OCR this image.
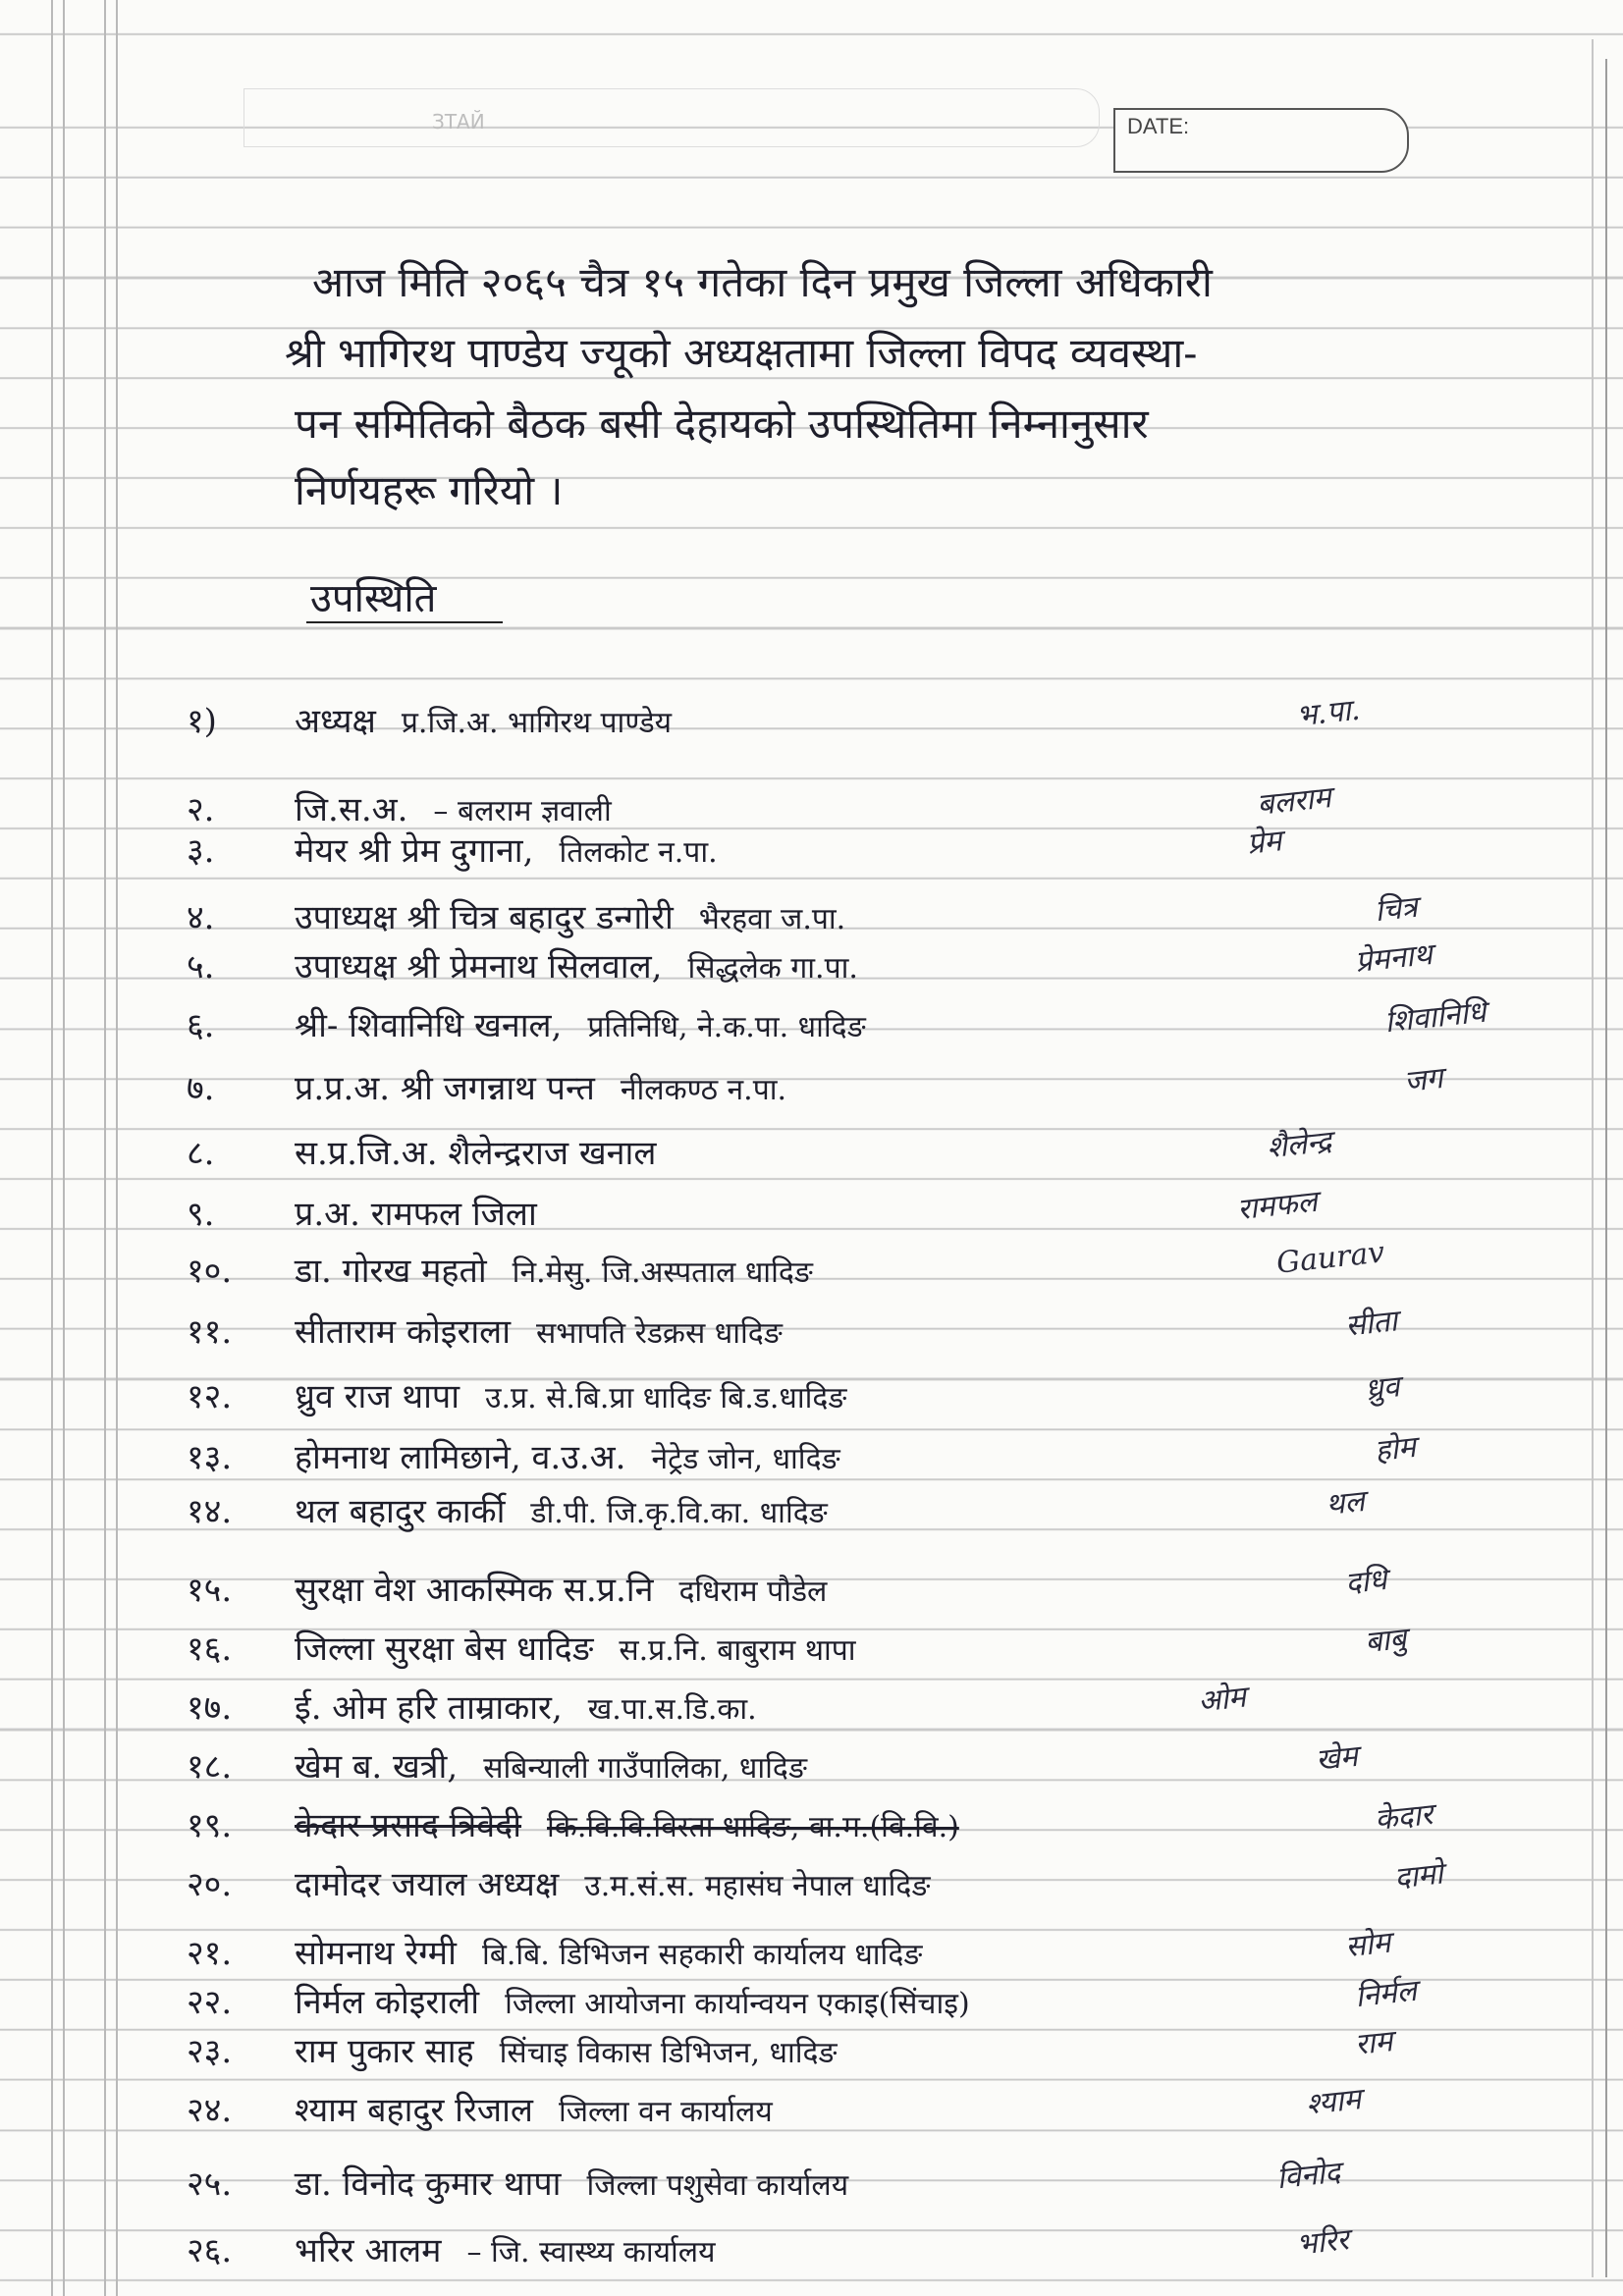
ЗТАЙ	DATE:
आज मिति २०६५ चैत्र १५ गतेका दिन प्रमुख जिल्ला अधिकारी
श्री भागिरथ पाण्डेय ज्यूको अध्यक्षतामा जिल्ला विपद व्यवस्था-
पन समितिको बैठक बसी देहायको उपस्थितिमा निम्नानुसार
निर्णयहरू गरियो ।
उपस्थिति
१) अध्यक्ष प्र.जि.अ. भागिरथ पाण्डेय
२. जि.स.अ. – बलराम ज्ञवाली
३. मेयर श्री प्रेम दुगाना, तिलकोट न.पा.
४. उपाध्यक्ष श्री चित्र बहादुर डन्गोरी भैरहवा ज.पा.
५. उपाध्यक्ष श्री प्रेमनाथ सिलवाल, सिद्धलेक गा.पा.
६. श्री- शिवानिधि खनाल, प्रतिनिधि, ने.क.पा. धादिङ
७. प्र.प्र.अ. श्री जगन्नाथ पन्त नीलकण्ठ न.पा.
८. स.प्र.जि.अ. शैलेन्द्रराज खनाल
९. प्र.अ. रामफल जिला
१०. डा. गोरख महतो नि.मेसु. जि.अस्पताल धादिङ
११. सीताराम कोइराला सभापति रेडक्रस धादिङ
१२. ध्रुव राज थापा उ.प्र. से.बि.प्रा धादिङ बि.ड.धादिङ
१३. होमनाथ लामिछाने, व.उ.अ. नेट्रेड जोन, धादिङ
१४. थल बहादुर कार्की डी.पी. जि.कृ.वि.का. धादिङ
१५. सुरक्षा वेश आकस्मिक स.प्र.नि दधिराम पौडेल
१६. जिल्ला सुरक्षा बेस धादिङ स.प्र.नि. बाबुराम थापा
१७. ई. ओम हरि ताम्राकार, ख.पा.स.डि.का.
१८. खेम ब. खत्री, सबिन्याली गाउँपालिका, धादिङ
१९. केदार प्रसाद त्रिवेदी कि.वि.वि.विस्ता धादिङ, वा.म.(वि.वि.)
२०. दामोदर जयाल अध्यक्ष उ.म.सं.स. महासंघ नेपाल धादिङ
२१. सोमनाथ रेग्मी बि.बि. डिभिजन सहकारी कार्यालय धादिङ
२२. निर्मल कोइराली जिल्ला आयोजना कार्यान्वयन एकाइ(सिंचाइ)
२३. राम पुकार साह सिंचाइ विकास डिभिजन, धादिङ
२४. श्याम बहादुर रिजाल जिल्ला वन कार्यालय
२५. डा. विनोद कुमार थापा जिल्ला पशुसेवा कार्यालय
२६. भरिर आलम – जि. स्वास्थ्य कार्यालय
भ.पा.
बलराम
प्रेम
चित्र
प्रेमनाथ
शिवानिधि
जग
शैलेन्द्र
रामफल
Gaurav
सीता
ध्रुव
होम
थल
दधि
बाबु
ओम
खेम
केदार
दामो
सोम
निर्मल
राम
श्याम
विनोद
भरिर
